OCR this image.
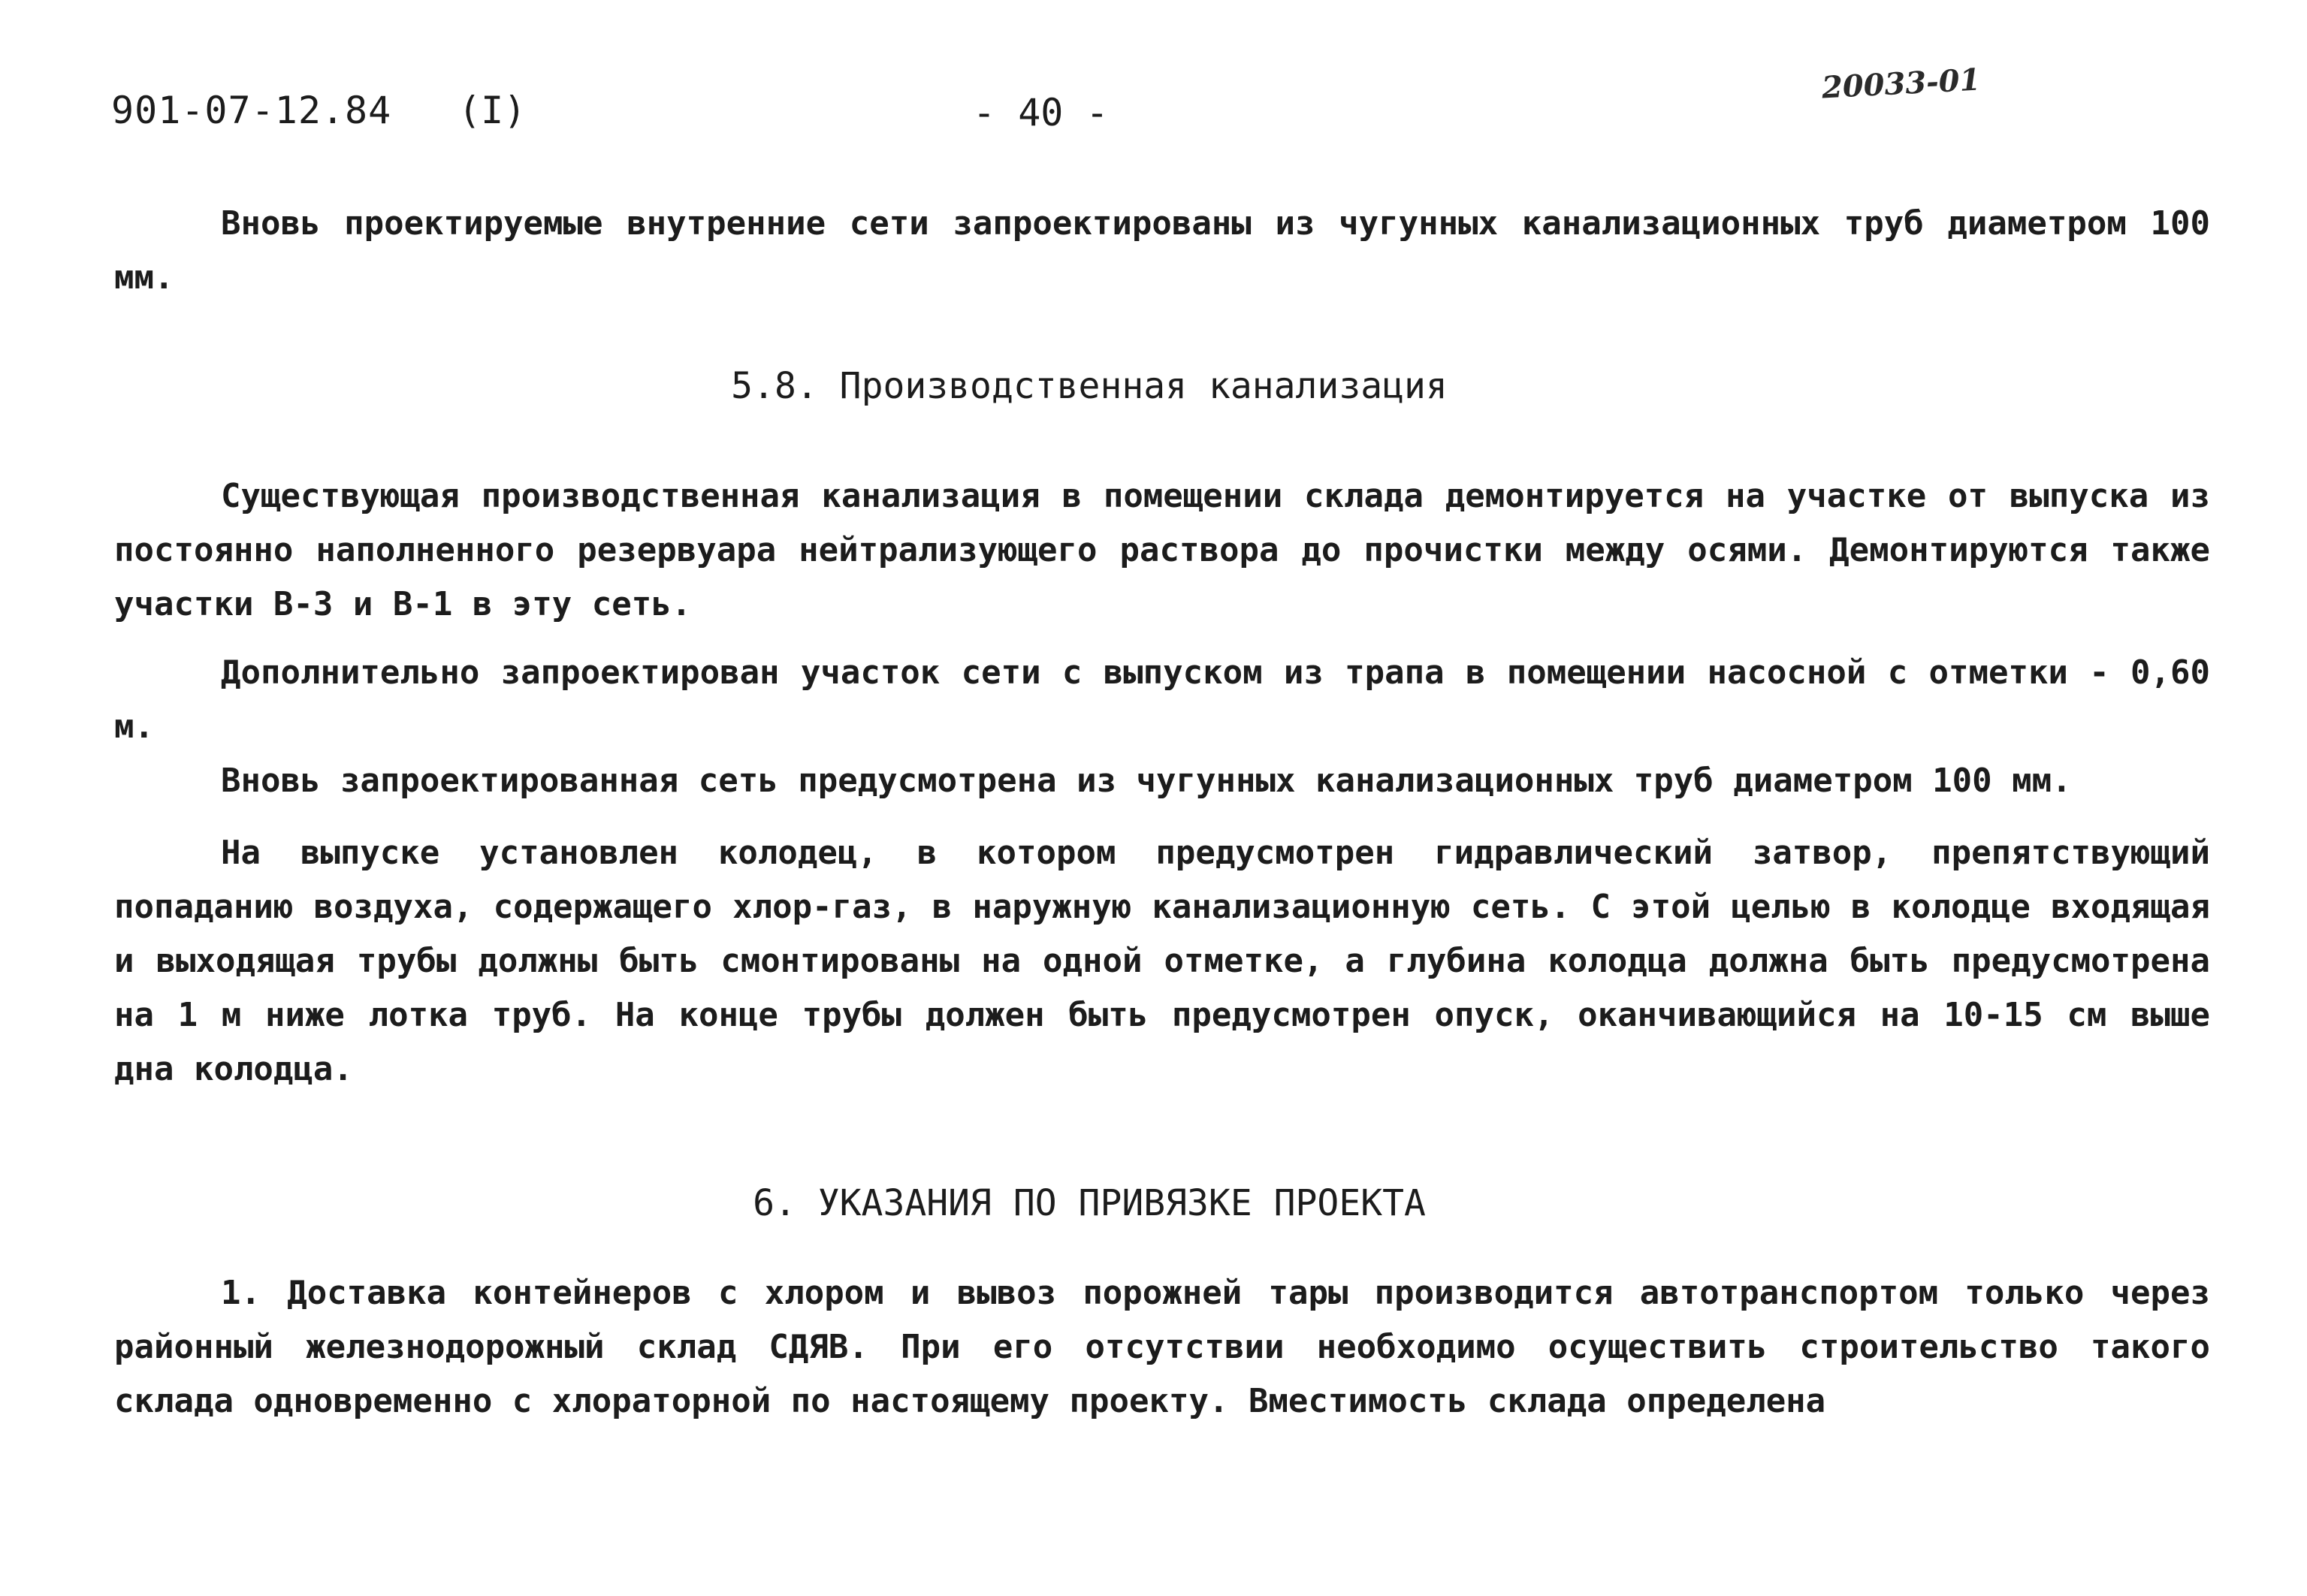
901-07-12.84 (I)	- 40 -
20033-01

Вновь проектируемые внутренние сети запроектированы из чугунных канализационных труб диаметром 100 мм.

5.8. Производственная канализация

Существующая производственная канализация в помещении склада демонтируется на участке от выпуска из постоянно наполненного резервуара нейтрализующего раствора до прочистки между осями. Демонтируются также участки В-3 и В-1 в эту сеть.

Дополнительно запроектирован участок сети с выпуском из трапа в помещении насосной с отметки - 0,60 м.

Вновь запроектированная сеть предусмотрена из чугунных канализационных труб диаметром 100 мм.

На выпуске установлен колодец, в котором предусмотрен гидравлический затвор, препятствующий попаданию воздуха, содержащего хлор-газ, в наружную канализационную сеть. С этой целью в колодце входящая и выходящая трубы должны быть смонтированы на одной отметке, а глубина колодца должна быть предусмотрена на 1 м ниже лотка труб. На конце трубы должен быть предусмотрен опуск, оканчивающийся на 10-15 см выше дна колодца.

6. УКАЗАНИЯ ПО ПРИВЯЗКЕ ПРОЕКТА

1. Доставка контейнеров с хлором и вывоз порожней тары производится автотранспортом только через районный железнодорожный склад СДЯВ. При его отсутствии необходимо осуществить строительство такого склада одновременно с хлораторной по настоящему проекту. Вместимость склада определена
